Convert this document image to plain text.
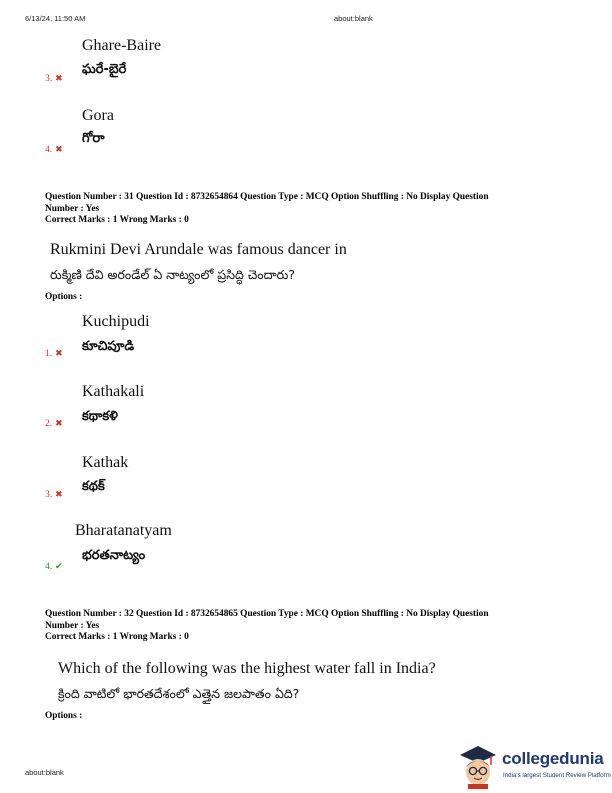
6/13/24, 11:50 AM	about:blank
Ghare-Baire
ఘరే-బైరే
3. ✖
Gora
గోరా
4. ✖
Question Number : 31 Question Id : 8732654864 Question Type : MCQ Option Shuffling : No Display Question
Number : Yes
Correct Marks : 1 Wrong Marks : 0
Rukmini Devi Arundale was famous dancer in
రుక్మిణి దేవి అరండేల్ ఏ నాట్యంలో ప్రసిద్ధి చెందారు?
Options :
Kuchipudi
కూచిపూడి
1. ✖
Kathakali
కథాకళి
2. ✖
Kathak
కథక్
3. ✖
Bharatanatyam
భరతనాట్యం
4. ✔
Question Number : 32 Question Id : 8732654865 Question Type : MCQ Option Shuffling : No Display Question
Number : Yes
Correct Marks : 1 Wrong Marks : 0
Which of the following was the highest water fall in India?
క్రింది వాటిలో భారతదేశంలో ఎత్తైన జలపాతం ఏది?
Options :
about:blank
collegedunia
India's largest Student Review Platform
